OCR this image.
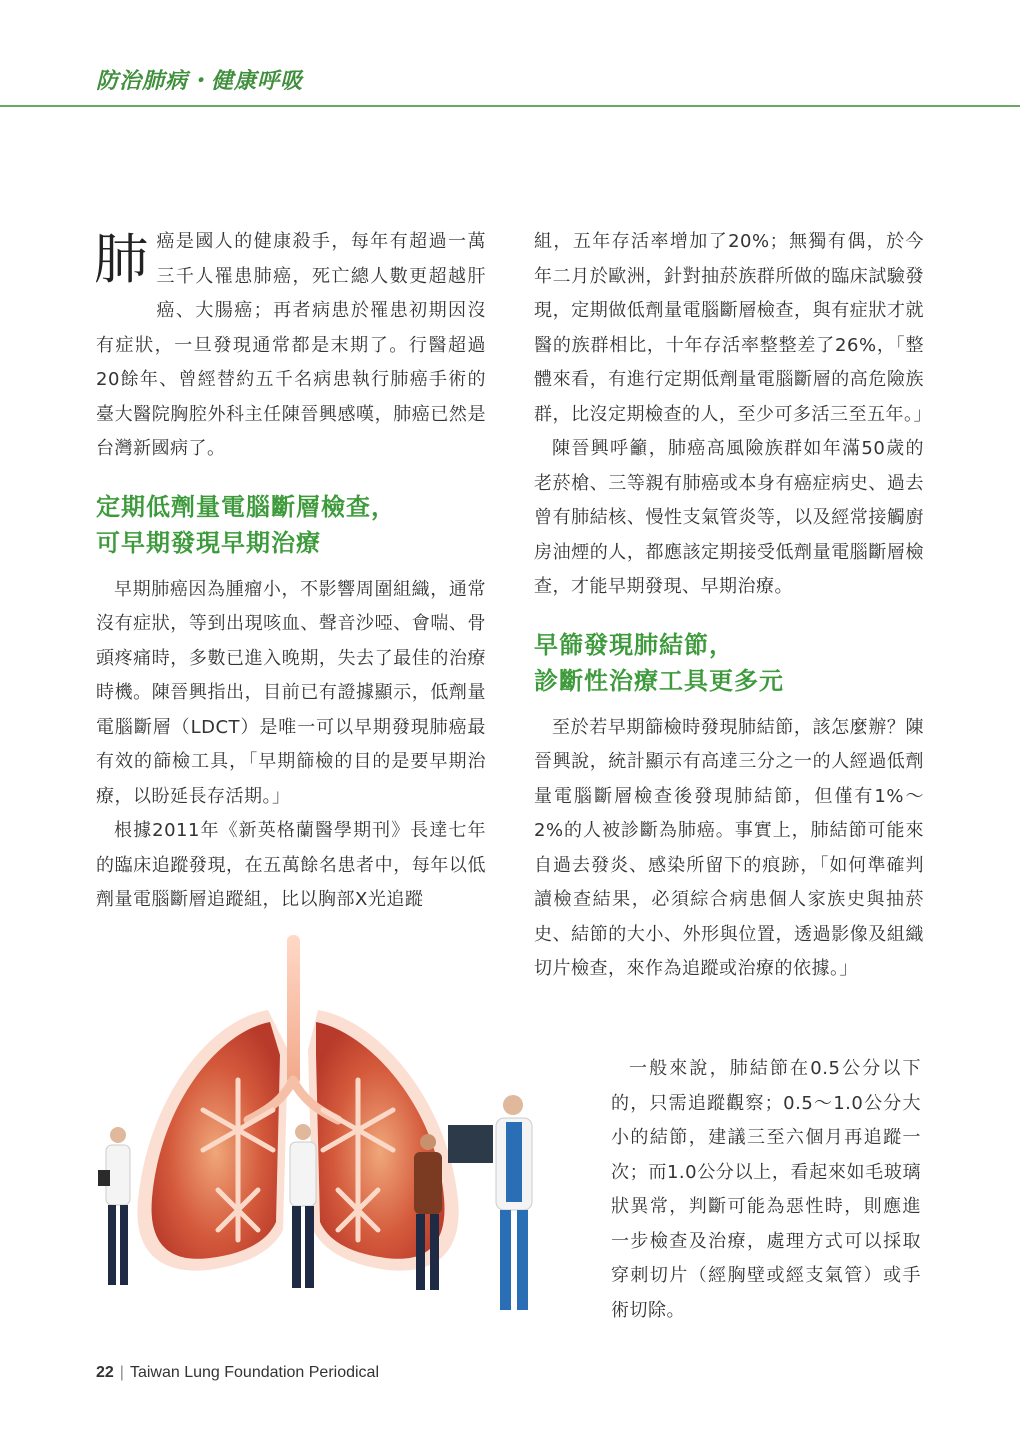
防治肺病・健康呼吸

肺癌是國人的健康殺手，每年有超過一萬三千人罹患肺癌，死亡總人數更超越肝癌、大腸癌；再者病患於罹患初期因沒有症狀，一旦發現通常都是末期了。行醫超過20餘年、曾經替約五千名病患執行肺癌手術的臺大醫院胸腔外科主任陳晉興感嘆，肺癌已然是台灣新國病了。

定期低劑量電腦斷層檢查，
可早期發現早期治療

早期肺癌因為腫瘤小，不影響周圍組織，通常沒有症狀，等到出現咳血、聲音沙啞、會喘、骨頭疼痛時，多數已進入晚期，失去了最佳的治療時機。陳晉興指出，目前已有證據顯示，低劑量電腦斷層（LDCT）是唯一可以早期發現肺癌最有效的篩檢工具，「早期篩檢的目的是要早期治療，以盼延長存活期。」

根據2011年《新英格蘭醫學期刊》長達七年的臨床追蹤發現，在五萬餘名患者中，每年以低劑量電腦斷層追蹤組，比以胸部X光追蹤

組，五年存活率增加了20%；無獨有偶，於今年二月於歐洲，針對抽菸族群所做的臨床試驗發現，定期做低劑量電腦斷層檢查，與有症狀才就醫的族群相比，十年存活率整整差了26%，「整體來看，有進行定期低劑量電腦斷層的高危險族群，比沒定期檢查的人，至少可多活三至五年。」

陳晉興呼籲，肺癌高風險族群如年滿50歲的老菸槍、三等親有肺癌或本身有癌症病史、過去曾有肺結核、慢性支氣管炎等，以及經常接觸廚房油煙的人，都應該定期接受低劑量電腦斷層檢查，才能早期發現、早期治療。

早篩發現肺結節，
診斷性治療工具更多元

至於若早期篩檢時發現肺結節，該怎麼辦？陳晉興說，統計顯示有高達三分之一的人經過低劑量電腦斷層檢查後發現肺結節，但僅有1%～2%的人被診斷為肺癌。事實上，肺結節可能來自過去發炎、感染所留下的痕跡，「如何準確判讀檢查結果，必須綜合病患個人家族史與抽菸史、結節的大小、外形與位置，透過影像及組織切片檢查，來作為追蹤或治療的依據。」

一般來說，肺結節在0.5公分以下的，只需追蹤觀察；0.5～1.0公分大小的結節，建議三至六個月再追蹤一次；而1.0公分以上，看起來如毛玻璃狀異常，判斷可能為惡性時，則應進一步檢查及治療，處理方式可以採取穿刺切片（經胸壁或經支氣管）或手術切除。

22 | Taiwan Lung Foundation Periodical
